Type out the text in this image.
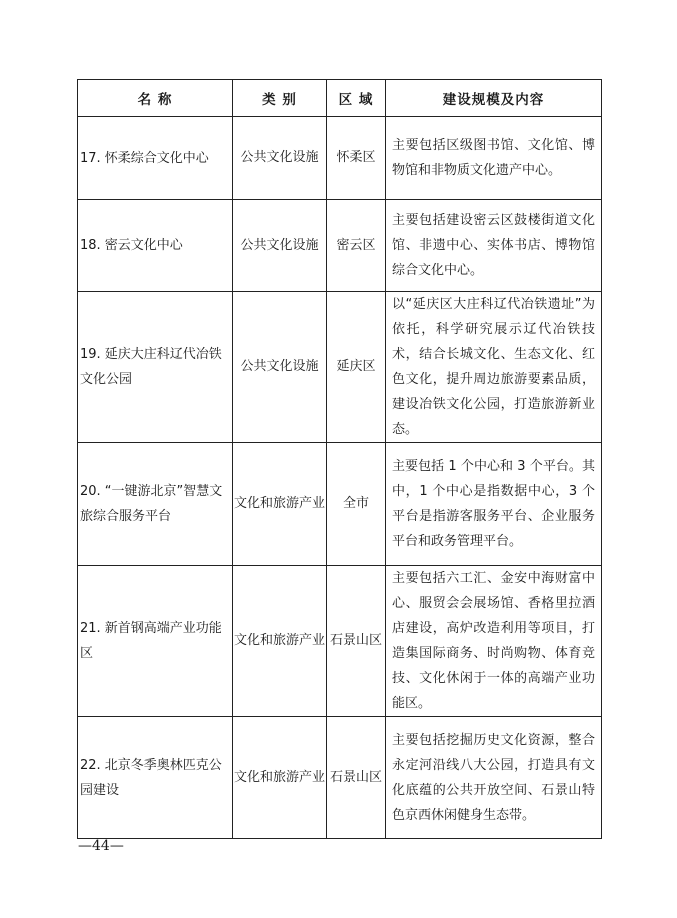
名 称	类 别	区 域	建设规模及内容
17. 怀柔综合文化中心	公共文化设施	怀柔区	主要包括区级图书馆、文化馆、博物馆和非物质文化遗产中心。
18. 密云文化中心	公共文化设施	密云区	主要包括建设密云区鼓楼街道文化馆、非遗中心、实体书店、博物馆综合文化中心。
19. 延庆大庄科辽代冶铁文化公园	公共文化设施	延庆区	以“延庆区大庄科辽代冶铁遗址”为依托，科学研究展示辽代冶铁技术，结合长城文化、生态文化、红色文化，提升周边旅游要素品质，建设冶铁文化公园，打造旅游新业态。
20. “一键游北京”智慧文旅综合服务平台	文化和旅游产业	全市	主要包括 1 个中心和 3 个平台。其中，1 个中心是指数据中心，3 个平台是指游客服务平台、企业服务平台和政务管理平台。
21. 新首钢高端产业功能区	文化和旅游产业	石景山区	主要包括六工汇、金安中海财富中心、服贸会会展场馆、香格里拉酒店建设，高炉改造利用等项目，打造集国际商务、时尚购物、体育竞技、文化休闲于一体的高端产业功能区。
22. 北京冬季奥林匹克公园建设	文化和旅游产业	石景山区	主要包括挖掘历史文化资源，整合永定河沿线八大公园，打造具有文化底蕴的公共开放空间、石景山特色京西休闲健身生态带。
—44—
